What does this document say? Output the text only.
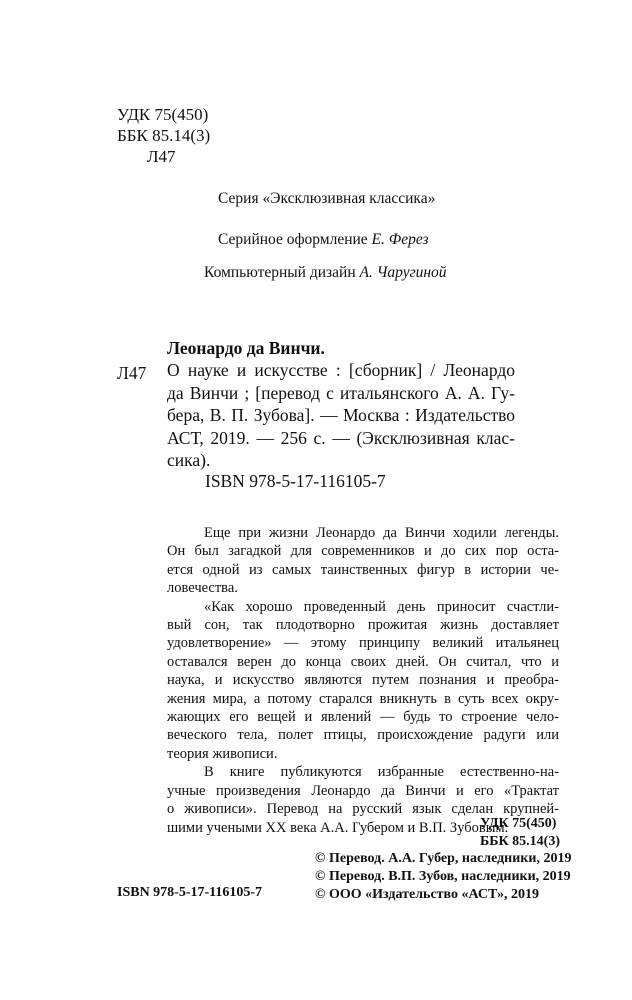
УДК 75(450)
ББК 85.14(3)
Л47
Серия «Эксклюзивная классика»
Серийное оформление Е. Ферез
Компьютерный дизайн А. Чаругиной
Леонардо да Винчи.
Л47 О науке и искусстве : [сборник] / Леонардо
да Винчи ; [перевод с итальянского А. А. Гу-
бера, В. П. Зубова]. — Москва : Издательство
АСТ, 2019. — 256 с. — (Эксклюзивная клас-
сика).
ISBN 978-5-17-116105-7
Еще при жизни Леонардо да Винчи ходили легенды.
Он был загадкой для современников и до сих пор оста-
ется одной из самых таинственных фигур в истории че-
ловечества.
«Как хорошо проведенный день приносит счастли-
вый сон, так плодотворно прожитая жизнь доставляет
удовлетворение» — этому принципу великий итальянец
оставался верен до конца своих дней. Он считал, что и
наука, и искусство являются путем познания и преобра-
жения мира, а потому старался вникнуть в суть всех окру-
жающих его вещей и явлений — будь то строение чело-
веческого тела, полет птицы, происхождение радуги или
теория живописи.
В книге публикуются избранные естественно-на-
учные произведения Леонардо да Винчи и его «Трактат
о живописи». Перевод на русский язык сделан крупней-
шими учеными XX века А.А. Губером и В.П. Зубовым.
УДК 75(450)
ББК 85.14(3)
ISBN 978-5-17-116105-7
© Перевод. А.А. Губер, наследники, 2019
© Перевод. В.П. Зубов, наследники, 2019
© ООО «Издательство «АСТ», 2019
